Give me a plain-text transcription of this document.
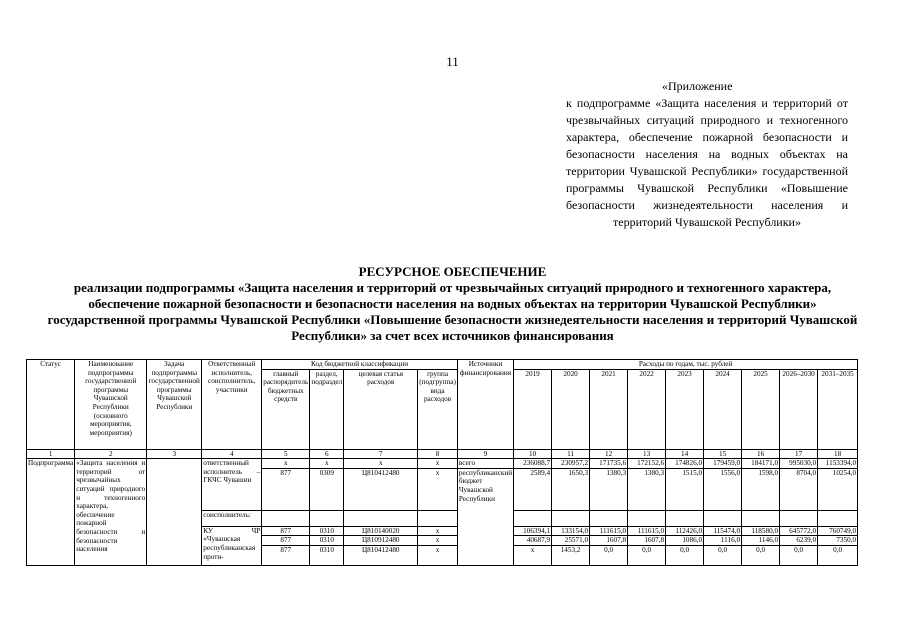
11
«Приложение
к подпрограмме «Защита населения и территорий от чрезвычайных ситуаций природного и техногенного характера, обеспечение пожарной безопасности и безопасности населения на водных объектах на территории Чувашской Республики» государственной программы Чувашской Республики «Повышение безопасности жизнедеятельности населения и территорий Чувашской Республики»
РЕСУРСНОЕ ОБЕСПЕЧЕНИЕ
реализации подпрограммы «Защита населения и территорий от чрезвычайных ситуаций природного и техногенного характера, обеспечение пожарной безопасности и безопасности населения на водных объектах на территории Чувашской Республики» государственной программы Чувашской Республики «Повышение безопасности жизнедеятельности населения и территорий Чувашской Республики» за счет всех источников финансирования
Статус	Наименование подпрограммы государственной программы Чувашской Республики (основного мероприятия, мероприятия)	Задача подпрограммы государственной программы Чувашской Республики	Ответственный исполнитель, соисполнитель, участники	Код бюджетной классификации				Источники финансирования	Расходы по годам, тыс. рублей								
				главный распорядитель бюджетных средств	раздел, подраздел	целевая статья расходов	группа (подгруппа) вида расходов		2019	2020	2021	2022	2023	2024	2025	2026–2030	2031–2035
1	2	3	4	5	6	7	8	9	10	11	12	13	14	15	16	17	18
Подпрограмма	«Защита населения и территорий от чрезвычайных ситуаций природного и техногенного характера, обеспечение пожарной безопасности и безопасности населения		ответственный исполнитель – ГКЧС Чувашии	x	x	x	x	всего	236088,7	230957,2	171735,6	172152,6	174826,0	179459,0	184171,0	995030,0	1153394,0
				877	0309	Ц810412480	x	республиканский бюджет Чувашской Республики	2589,4	1650,3	1380,3	1380,3	1515,0	1556,0	1598,0	8704,0	10254,0
			соисполнитель:														
			КУ ЧР «Чувашская республиканская проти-	877	0310	Ц810140020	x		106394,1	133154,0	111615,0	111615,0	112426,0	115474,0	118580,0	645772,0	760749,0
				877	0310	Ц810912480	x		40687,9	25571,0	1607,8	1607,8	1086,0	1116,0	1146,0	6239,0	7350,0
				877	0310	Ц810412480	x		x	1453,2	0,0	0,0	0,0	0,0	0,0	0,0	0,0
